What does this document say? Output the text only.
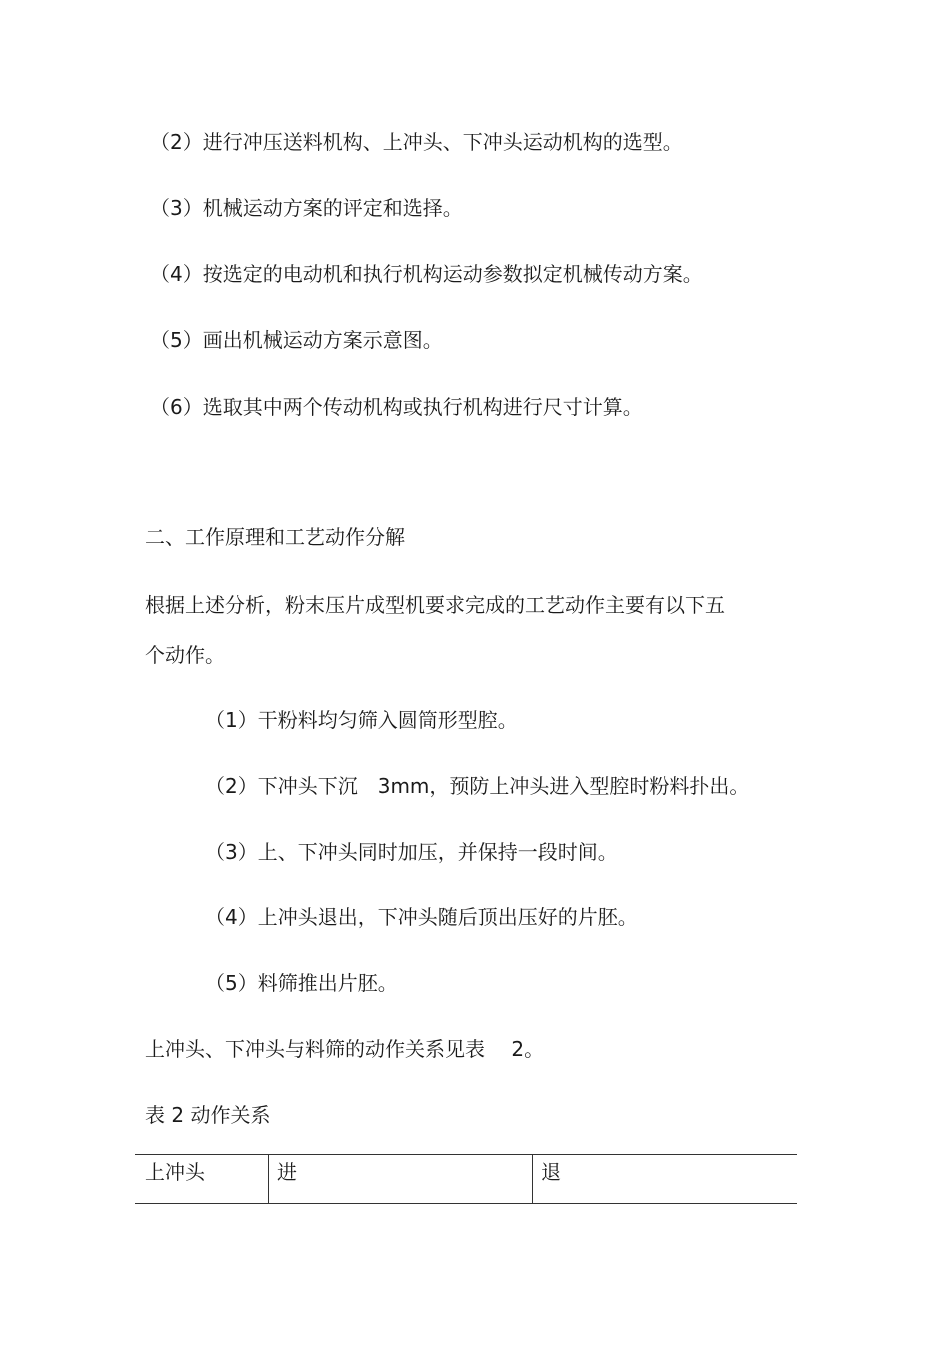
（2）进行冲压送料机构、上冲头、下冲头运动机构的选型。
（3）机械运动方案的评定和选择。
（4）按选定的电动机和执行机构运动参数拟定机械传动方案。
（5）画出机械运动方案示意图。
（6）选取其中两个传动机构或执行机构进行尺寸计算。
二、工作原理和工艺动作分解
根据上述分析，粉末压片成型机要求完成的工艺动作主要有以下五
个动作。
（1）干粉料均匀筛入圆筒形型腔。
（2）下冲头下沉　3mm，预防上冲头进入型腔时粉料扑出。
（3）上、下冲头同时加压，并保持一段时间。
（4）上冲头退出，下冲头随后顶出压好的片胚。
（5）料筛推出片胚。
上冲头、下冲头与料筛的动作关系见表　 2。
表 2 动作关系
上冲头	进	退
